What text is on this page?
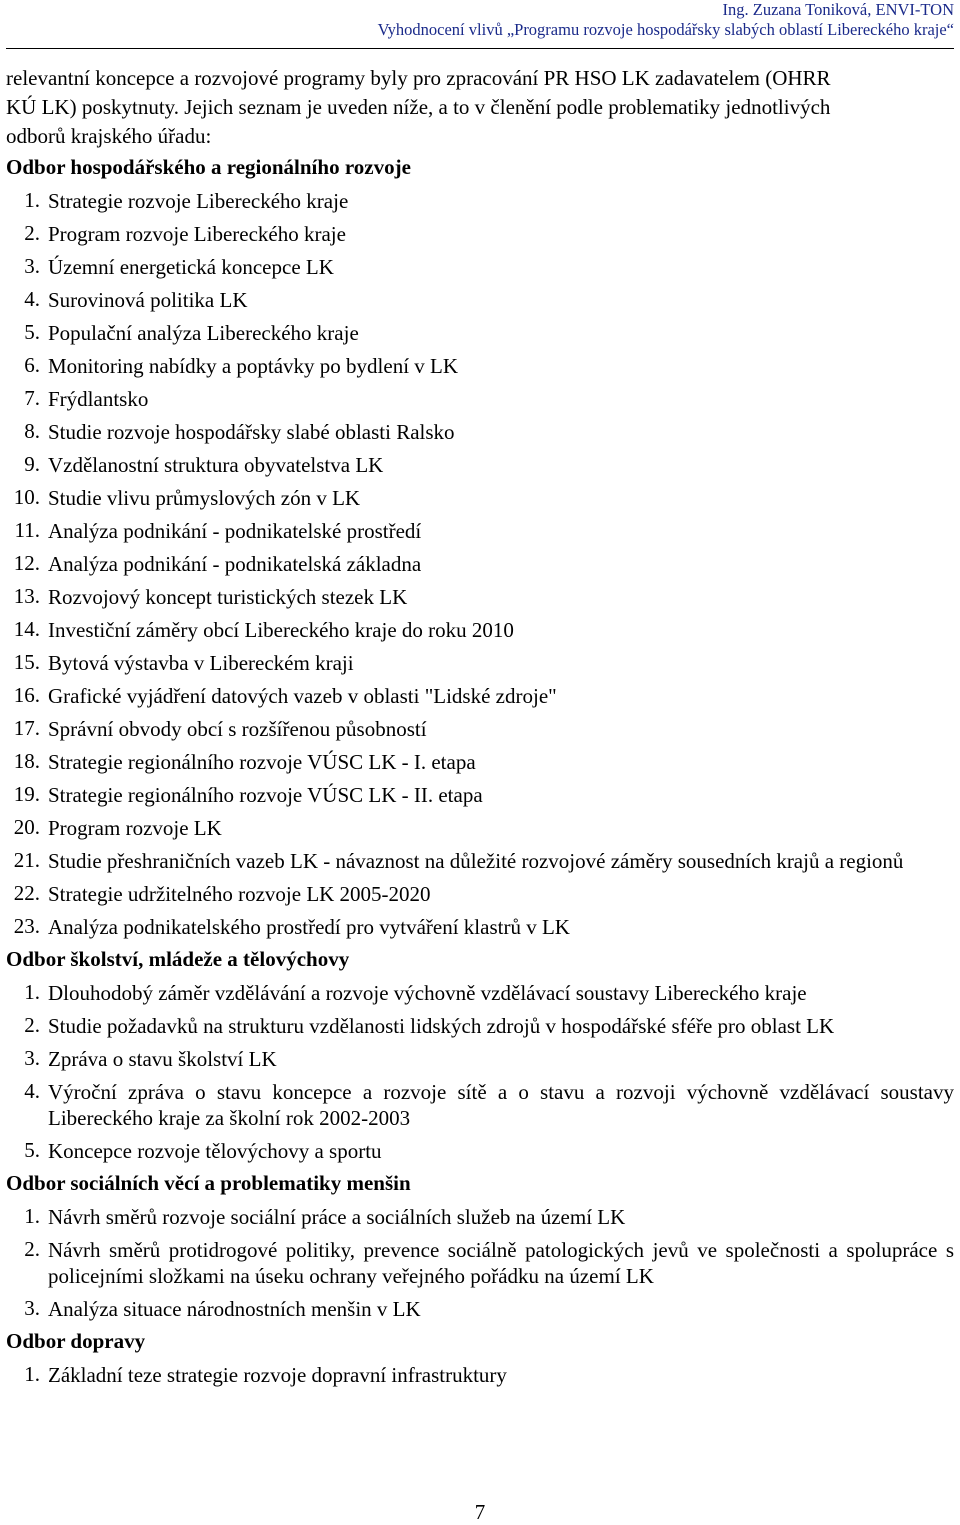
Ing. Zuzana Toniková, ENVI-TON
Vyhodnocení vlivů „Programu rozvoje hospodářsky slabých oblastí Libereckého kraje“

relevantní koncepce a rozvojové programy byly pro zpracování PR HSO LK zadavatelem (OHRR
KÚ LK) poskytnuty. Jejich seznam je uveden níže, a to v členění podle problematiky jednotlivých
odborů krajského úřadu:

Odbor hospodářského a regionálního rozvoje
1. Strategie rozvoje Libereckého kraje
2. Program rozvoje Libereckého kraje
3. Územní energetická koncepce LK
4. Surovinová politika LK
5. Populační analýza Libereckého kraje
6. Monitoring nabídky a poptávky po bydlení v LK
7. Frýdlantsko
8. Studie rozvoje hospodářsky slabé oblasti Ralsko
9. Vzdělanostní struktura obyvatelstva LK
10. Studie vlivu průmyslových zón v LK
11. Analýza podnikání - podnikatelské prostředí
12. Analýza podnikání - podnikatelská základna
13. Rozvojový koncept turistických stezek LK
14. Investiční záměry obcí Libereckého kraje do roku 2010
15. Bytová výstavba v Libereckém kraji
16. Grafické vyjádření datových vazeb v oblasti "Lidské zdroje"
17. Správní obvody obcí s rozšířenou působností
18. Strategie regionálního rozvoje VÚSC LK - I. etapa
19. Strategie regionálního rozvoje VÚSC LK - II. etapa
20. Program rozvoje LK
21. Studie přeshraničních vazeb LK - návaznost na důležité rozvojové záměry sousedních krajů a regionů
22. Strategie udržitelného rozvoje LK 2005-2020
23. Analýza podnikatelského prostředí pro vytváření klastrů v LK
Odbor školství, mládeže a tělovýchovy
1. Dlouhodobý záměr vzdělávání a rozvoje výchovně vzdělávací soustavy Libereckého kraje
2. Studie požadavků na strukturu vzdělanosti lidských zdrojů v hospodářské sféře pro oblast LK
3. Zpráva o stavu školství LK
4. Výroční zpráva o stavu koncepce a rozvoje sítě a o stavu a rozvoji výchovně vzdělávací soustavy Libereckého kraje za školní rok 2002-2003
5. Koncepce rozvoje tělovýchovy a sportu
Odbor sociálních věcí a problematiky menšin
1. Návrh směrů rozvoje sociální práce a sociálních služeb na území LK
2. Návrh směrů protidrogové politiky, prevence sociálně patologických jevů ve společnosti a spolupráce s policejními složkami na úseku ochrany veřejného pořádku na území LK
3. Analýza situace národnostních menšin v LK
Odbor dopravy
1. Základní teze strategie rozvoje dopravní infrastruktury
7
